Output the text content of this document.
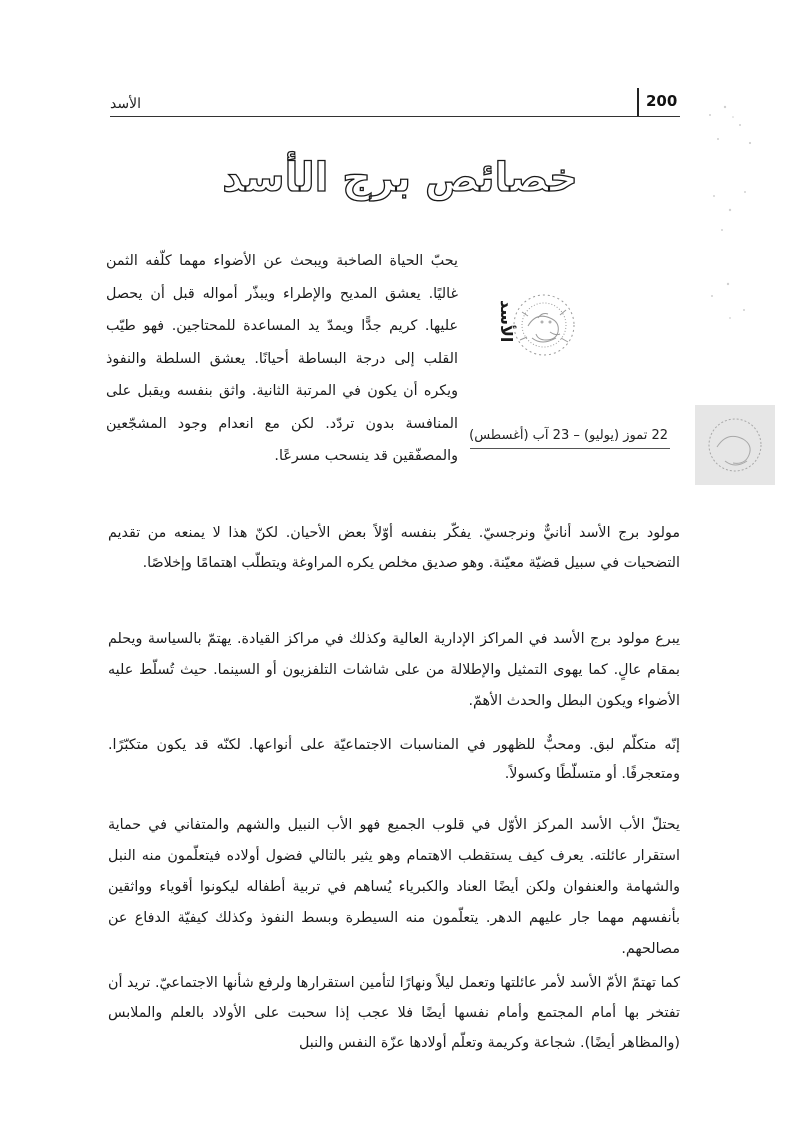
200
الأسد
خصائص برج الأسد
الأسد
22 تموز (يوليو) – 23 آب (أغسطس)
يحبّ الحياة الصاخبة ويبحث عن الأضواء مهما كلّفه الثمن غاليًا. يعشق المديح والإطراء ويبذّر أمواله قبل أن يحصل عليها. كريم جدًّا ويمدّ يد المساعدة للمحتاجين. فهو طيّب القلب إلى درجة البساطة أحيانًا. يعشق السلطة والنفوذ ويكره أن يكون في المرتبة الثانية. واثق بنفسه ويقبل على المنافسة بدون تردّد. لكن مع انعدام وجود المشجّعين والمصفّقين قد ينسحب مسرعًا.
مولود برج الأسد أنانيٌّ ونرجسيّ. يفكّر بنفسه أوّلاً بعض الأحيان. لكنّ هذا لا يمنعه من تقديم التضحيات في سبيل قضيّة معيّنة. وهو صديق مخلص يكره المراوغة ويتطلّب اهتمامًا وإخلاصًا.
يبرع مولود برج الأسد في المراكز الإدارية العالية وكذلك في مراكز القيادة. يهتمّ بالسياسة ويحلم بمقام عالٍ. كما يهوى التمثيل والإطلالة من على شاشات التلفزيون أو السينما. حيث تُسلّط عليه الأضواء ويكون البطل والحدث الأهمّ.
إنّه متكلّم لبق. ومحبٌّ للظهور في المناسبات الاجتماعيّة على أنواعها. لكنّه قد يكون متكبّرًا. ومتعجرفًا. أو متسلّطًا وكسولاً.
يحتلّ الأب الأسد المركز الأوّل في قلوب الجميع فهو الأب النبيل والشهم والمتفاني في حماية استقرار عائلته. يعرف كيف يستقطب الاهتمام وهو يثير بالتالي فضول أولاده فيتعلّمون منه النبل والشهامة والعنفوان ولكن أيضًا العناد والكبرياء يُساهم في تربية أطفاله ليكونوا أقوياء وواثقين بأنفسهم مهما جار عليهم الدهر. يتعلّمون منه السيطرة وبسط النفوذ وكذلك كيفيّة الدفاع عن مصالحهم.
كما تهتمّ الأمّ الأسد لأمر عائلتها وتعمل ليلاً ونهارًا لتأمين استقرارها ولرفع شأنها الاجتماعيّ. تريد أن تفتخر بها أمام المجتمع وأمام نفسها أيضًا فلا عجب إذا سحبت على الأولاد بالعلم والملابس (والمظاهر أيضًا). شجاعة وكريمة وتعلّم أولادها عزّة النفس والنبل
